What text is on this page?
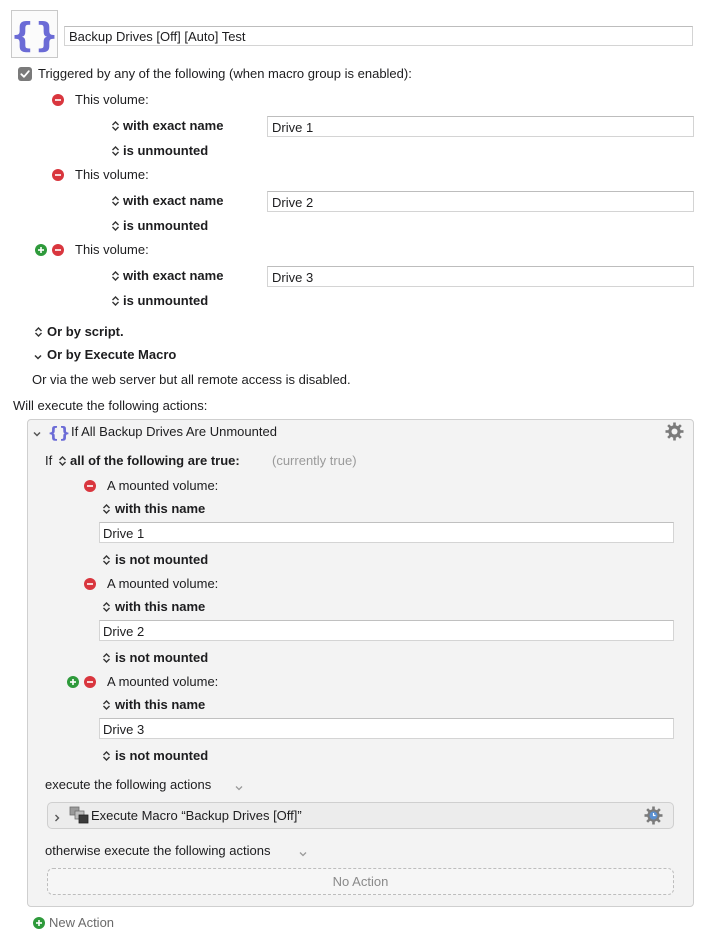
{} Backup Drives [Off] [Auto] Test
Triggered by any of the following (when macro group is enabled):
This volume:
with exact name	Drive 1
is unmounted
This volume:
with exact name	Drive 2
is unmounted
This volume:
with exact name	Drive 3
is unmounted
Or by script.
Or by Execute Macro
Or via the web server but all remote access is disabled.
Will execute the following actions:
{} If All Backup Drives Are Unmounted
If all of the following are true: (currently true)
A mounted volume:
with this name
Drive 1
is not mounted
A mounted volume:
with this name
Drive 2
is not mounted
A mounted volume:
with this name
Drive 3
is not mounted
execute the following actions
Execute Macro “Backup Drives [Off]”
otherwise execute the following actions
No Action
New Action
